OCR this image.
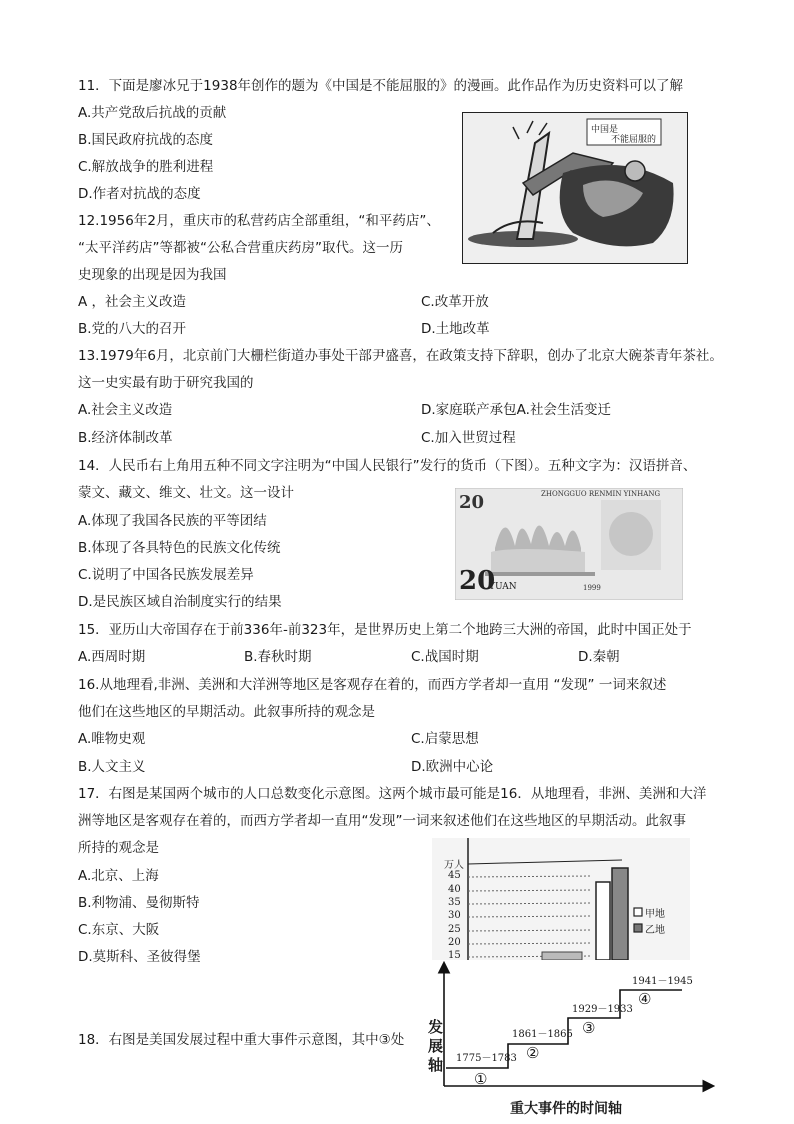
11．下面是廖冰兄于1938年创作的题为《中国是不能屈服的》的漫画。此作品作为历史资料可以了解
A.共产党敌后抗战的贡献
B.国民政府抗战的态度
C.解放战争的胜利进程
D.作者对抗战的态度
中国是
不能屈服的
12.1956年2月，重庆市的私营药店全部重组，“和平药店”、
“太平洋药店”等都被“公私合营重庆药房”取代。这一历
史现象的出现是因为我国
A ，社会主义改造	C.改革开放
B.党的八大的召开	D.土地改革
13.1979年6月，北京前门大栅栏街道办事处干部尹盛喜，在政策支持下辞职，创办了北京大碗茶青年茶社。
这一史实最有助于研究我国的
A.社会主义改造	D.家庭联产承包A.社会生活变迁
B.经济体制改革	C.加入世贸过程
14．人民币右上角用五种不同文字注明为“中国人民银行”发行的货币（下图）。五种文字为：汉语拼音、
蒙文、藏文、维文、壮文。这一设计
A.体现了我国各民族的平等团结
B.体现了各具特色的民族文化传统
C.说明了中国各民族发展差异
D.是民族区域自治制度实行的结果
20
20
YUAN
ZHONGGUO RENMIN YINHANG
1999
15．亚历山大帝国存在于前336年-前323年，是世界历史上第二个地跨三大洲的帝国，此时中国正处于
A.西周时期	B.春秋时期	C.战国时期	D.秦朝
16.从地理看,非洲、美洲和大洋洲等地区是客观存在着的，而西方学者却一直用 “发现” 一词来叙述
他们在这些地区的早期活动。此叙事所持的观念是
A.唯物史观	C.启蒙思想
B.人文主义	D.欧洲中心论
17．右图是某国两个城市的人口总数变化示意图。这两个城市最可能是16．从地理看，非洲、美洲和大洋
洲等地区是客观存在着的，而西方学者却一直用“发现”一词来叙述他们在这些地区的早期活动。此叙事
所持的观念是
A.北京、上海
B.利物浦、曼彻斯特
C.东京、大阪
D.莫斯科、圣彼得堡
万人
45
40
35
30
25
20
15
甲地
乙地
18．右图是美国发展过程中重大事件示意图，其中③处
发展轴
重大事件的时间轴
1775－1783
①
1861－1865
②
1929－1933
③
1941－1945
④
